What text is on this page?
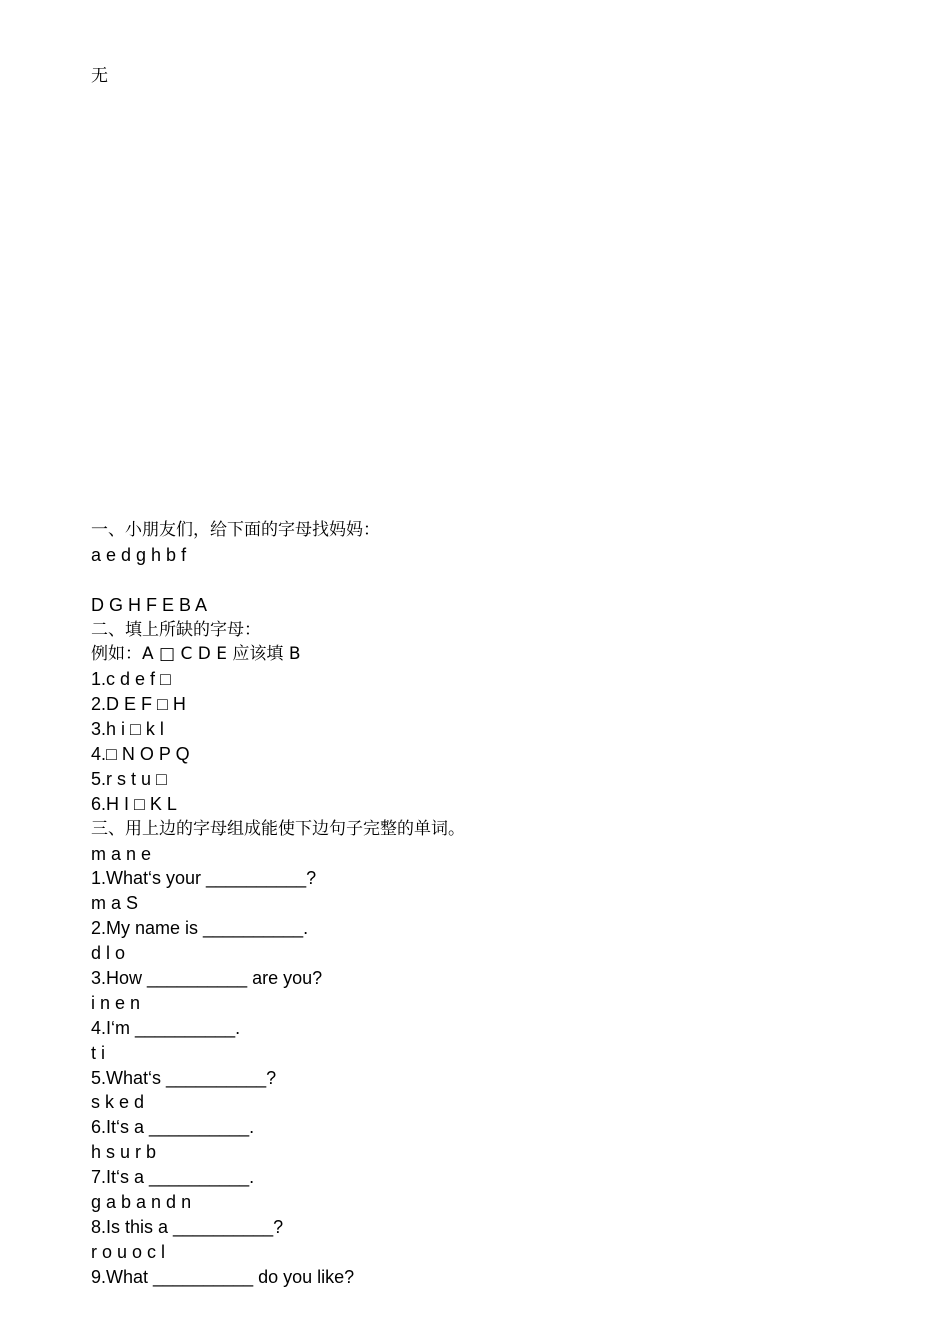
无
一、小朋友们，给下面的字母找妈妈：
a e d g h b f
D G H F E B A
二、填上所缺的字母：
例如：A □ C D E 应该填 B
1.c d e f □
2.D E F □ H
3.h i □ k l
4.□ N O P Q
5.r s t u □
6.H I □ K L
三、用上边的字母组成能使下边句子完整的单词。
m a n e
1.What‘s your __________?
m a S
2.My name is __________.
d l o
3.How __________ are you?
i n e n
4.I‘m __________.
t i
5.What‘s __________?
s k e d
6.It‘s a __________.
h s u r b
7.It‘s a __________.
g a b a n d n
8.Is this a __________?
r o u o c l
9.What __________ do you like?
